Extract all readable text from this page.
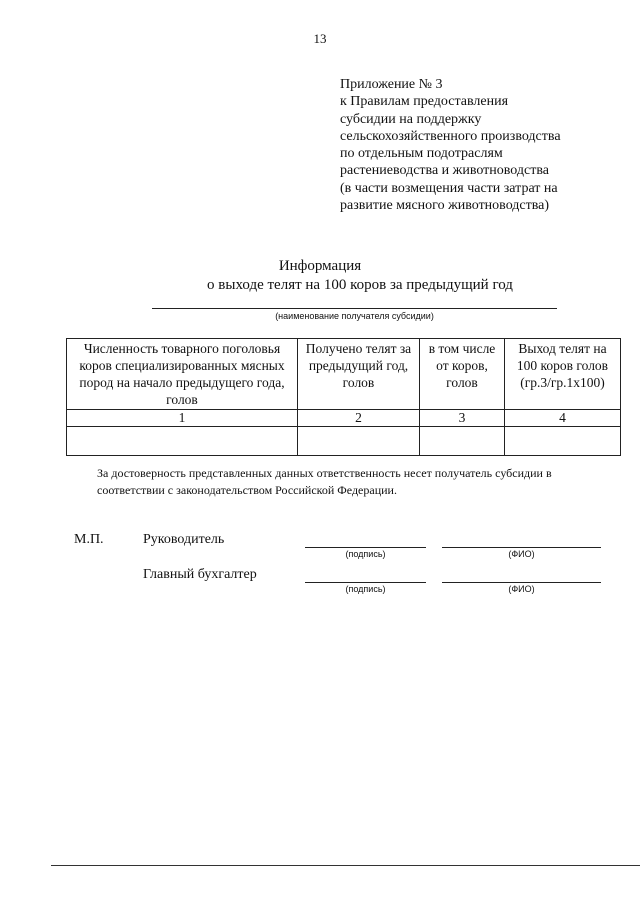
13
Приложение № 3
к Правилам предоставления
субсидии на поддержку
сельскохозяйственного производства
по отдельным подотраслям
растениеводства и животноводства
(в части возмещения части затрат на
развитие мясного животноводства)
Информация
о выходе телят на 100 коров за предыдущий год
(наименование получателя субсидии)
Численность товарного поголовья коров специализированных мясных пород на начало предыдущего года, голов	Получено телят за предыдущий год, голов	в том числе от коров, голов	Выход телят на 100 коров голов (гр.3/гр.1х100)
1	2	3	4

За достоверность представленных данных ответственность несет получатель субсидии в соответствии с законодательством Российской Федерации.
М.П.	Руководитель
(подпись)	(ФИО)
Главный бухгалтер
(подпись)	(ФИО)
